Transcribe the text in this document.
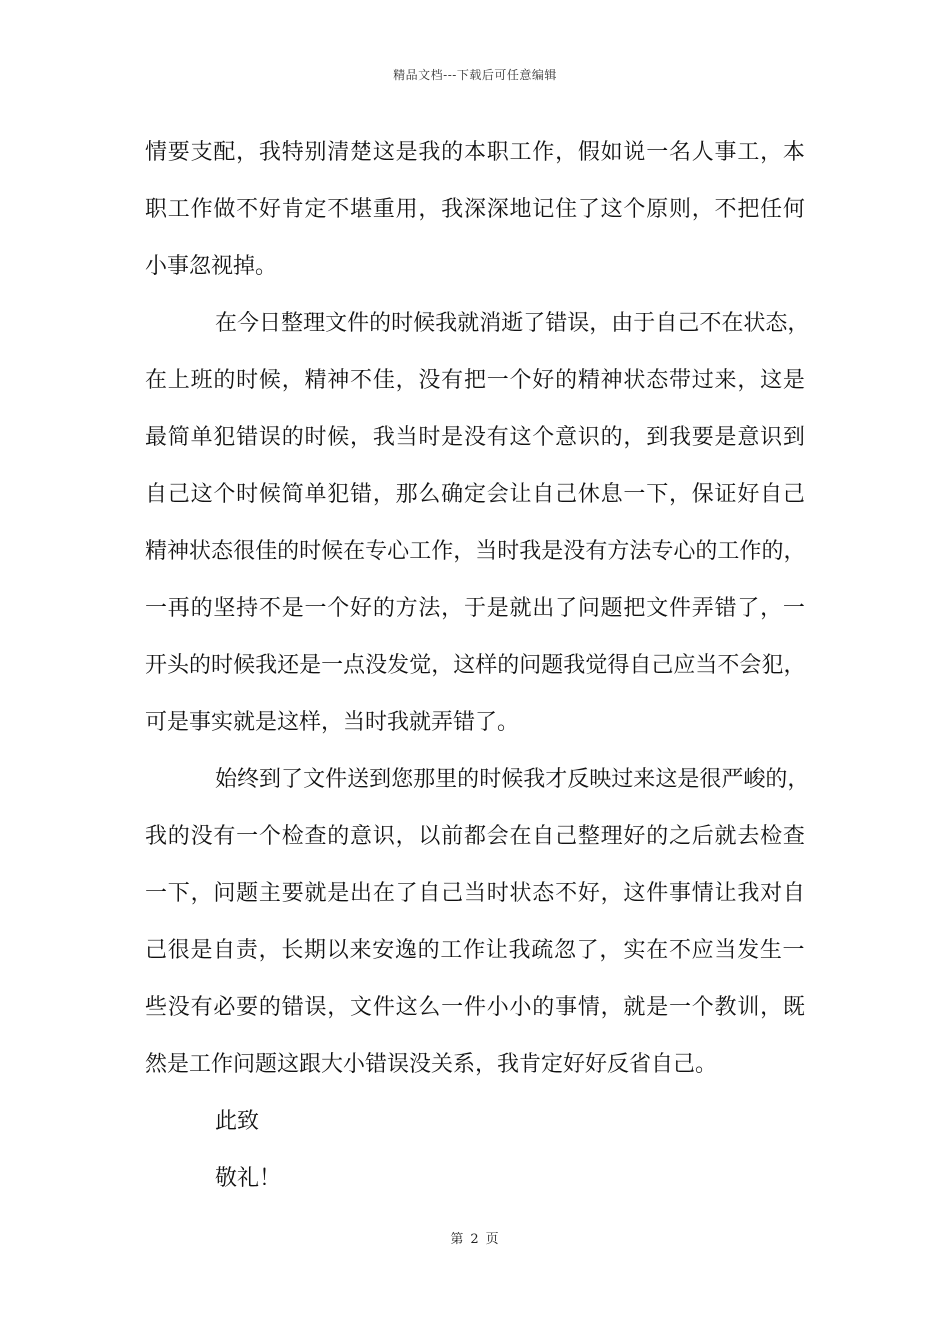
精品文档---下载后可任意编辑
情 要 支 配 ， 我 特 别 清 楚 这 是 我 的 本 职 工 作 ， 假 如 说 一 名 人 事 工 ， 本
职 工 作 做 不 好 肯 定 不 堪 重 用 ， 我 深 深 地 记 住 了 这 个 原 则 ， 不 把 任 何
小事忽视掉。
在 今 日 整 理 文 件 的 时 候 我 就 消 逝 了 错 误 ， 由 于 自 己 不 在 状 态 ，
在 上 班 的 时 候 ， 精 神 不 佳 ， 没 有 把 一 个 好 的 精 神 状 态 带 过 来 ， 这 是
最 简 单 犯 错 误 的 时 候 ， 我 当 时 是 没 有 这 个 意 识 的 ， 到 我 要 是 意 识 到
自 己 这 个 时 候 简 单 犯 错 ， 那 么 确 定 会 让 自 己 休 息 一 下 ， 保 证 好 自 己
精 神 状 态 很 佳 的 时 候 在 专 心 工 作 ， 当 时 我 是 没 有 方 法 专 心 的 工 作 的 ，
一 再 的 坚 持 不 是 一 个 好 的 方 法 ， 于 是 就 出 了 问 题 把 文 件 弄 错 了 ， 一
开 头 的 时 候 我 还 是 一 点 没 发 觉 ， 这 样 的 问 题 我 觉 得 自 己 应 当 不 会 犯 ，
可是事实就是这样，当时我就弄错了。
始 终 到 了 文 件 送 到 您 那 里 的 时 候 我 才 反 映 过 来 这 是 很 严 峻 的 ，
我 的 没 有 一 个 检 查 的 意 识 ， 以 前 都 会 在 自 己 整 理 好 的 之 后 就 去 检 查
一 下 ， 问 题 主 要 就 是 出 在 了 自 己 当 时 状 态 不 好 ， 这 件 事 情 让 我 对 自
己 很 是 自 责 ， 长 期 以 来 安 逸 的 工 作 让 我 疏 忽 了 ， 实 在 不 应 当 发 生 一
些 没 有 必 要 的 错 误 ， 文 件 这 么 一 件 小 小 的 事 情 ， 就 是 一 个 教 训 ， 既
然是工作问题这跟大小错误没关系，我肯定好好反省自己。
此致
敬礼！
第 2 页
